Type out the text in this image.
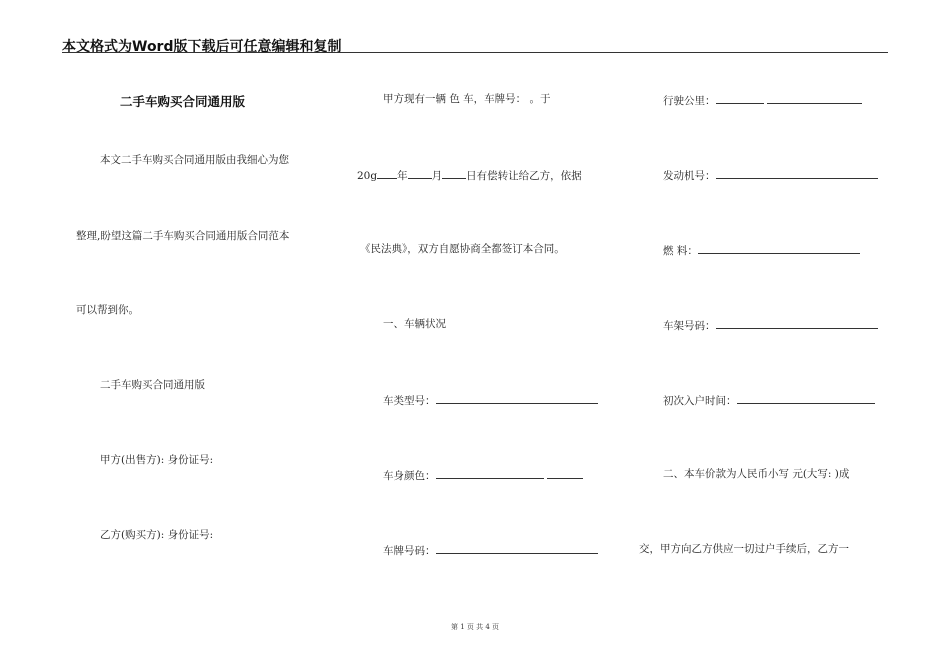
本文格式为Word版下载后可任意编辑和复制
二手车购买合同通用版
本文二手车购买合同通用版由我细心为您
整理,盼望这篇二手车购买合同通用版合同范本
可以帮到你。
二手车购买合同通用版
甲方(出售方): 身份证号:
乙方(购买方): 身份证号:
甲方现有一辆 色 车，车牌号： 。于
20g 年 月 日有偿转让给乙方，依据
《民法典》，双方自愿协商全都签订本合同。
一、车辆状况
车类型号：
车身颜色：
车牌号码：
行驶公里：
发动机号：
燃 料：
车架号码：
初次入户时间：
二、本车价款为人民币小写 元(大写: )成
交，甲方向乙方供应一切过户手续后，乙方一
第 1 页 共 4 页
